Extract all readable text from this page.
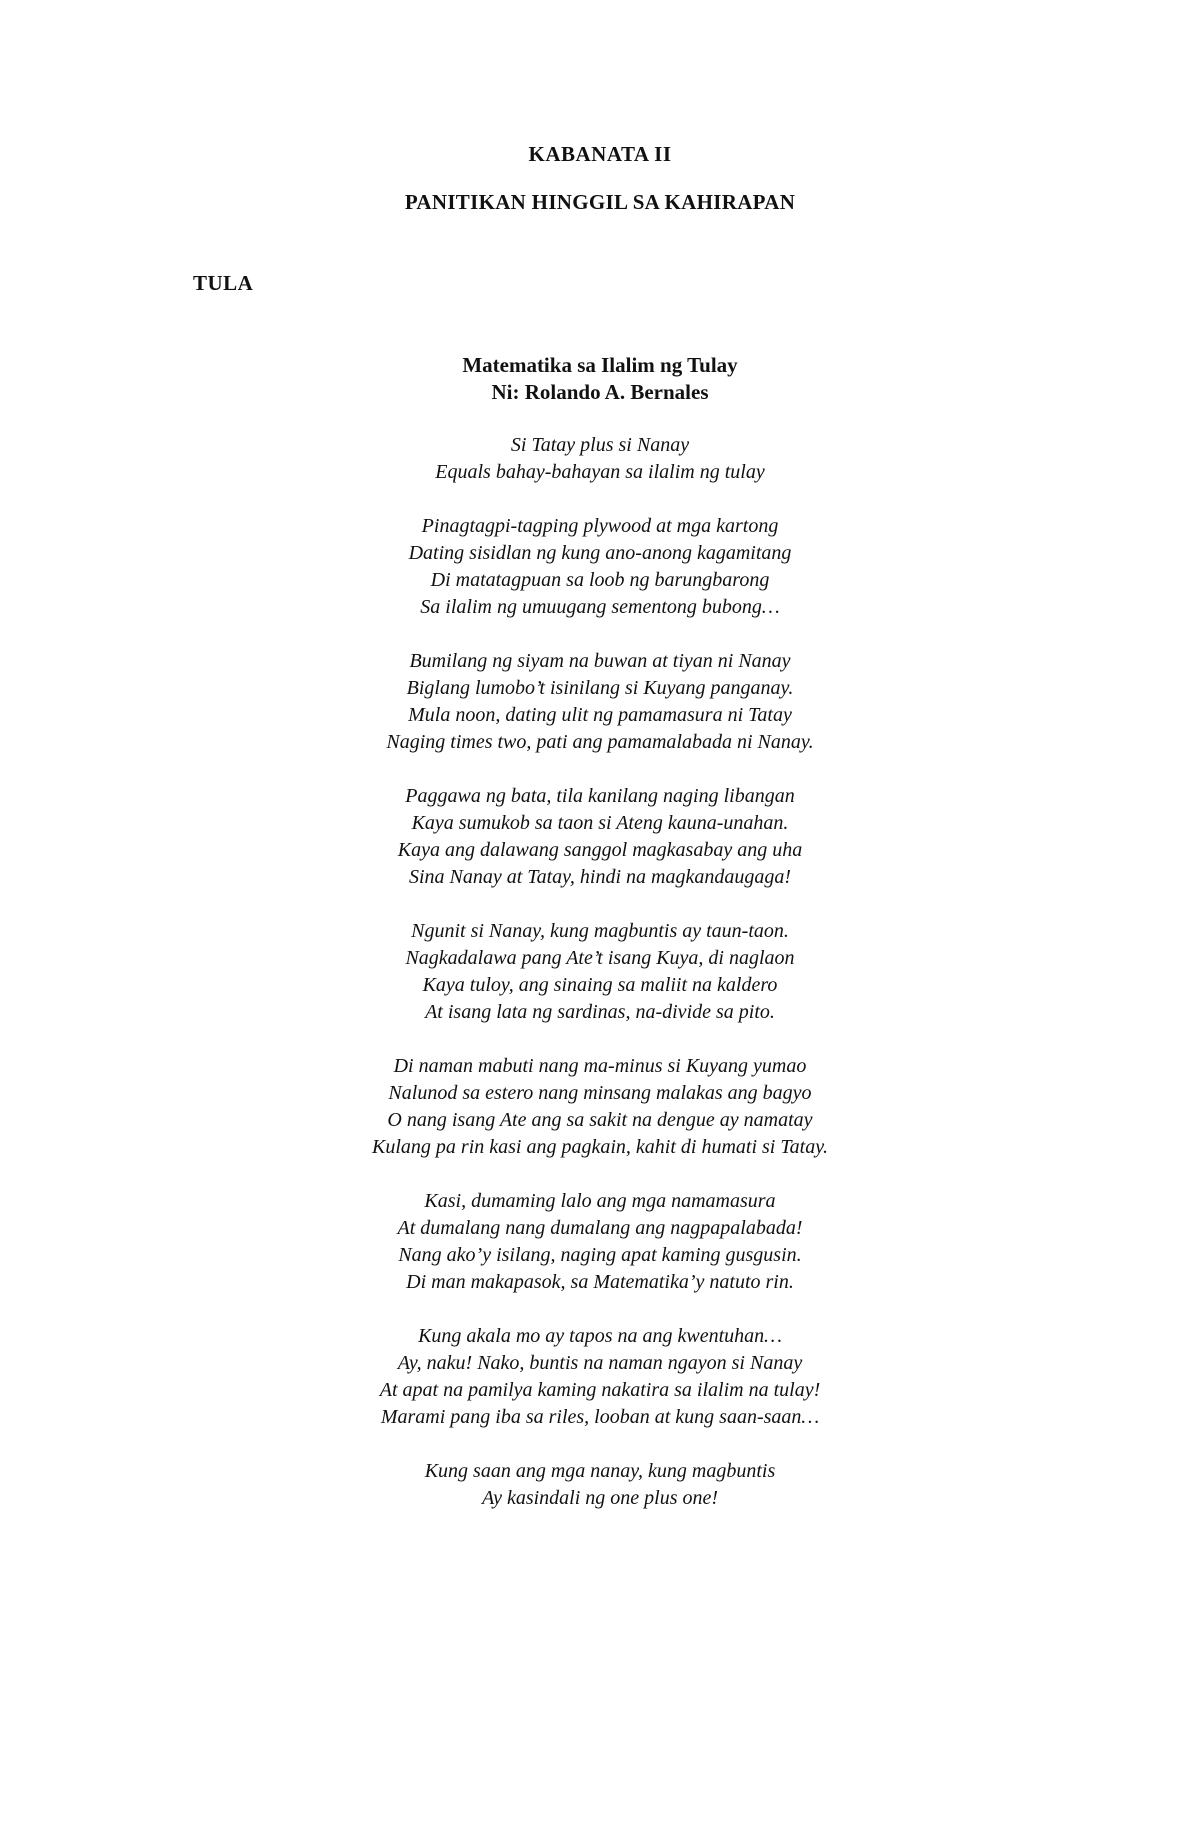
KABANATA II
PANITIKAN HINGGIL SA KAHIRAPAN
TULA
Matematika sa Ilalim ng Tulay
Ni: Rolando A. Bernales
Si Tatay plus si Nanay
Equals bahay-bahayan sa ilalim ng tulay
Pinagtagpi-tagping plywood at mga kartong
Dating sisidlan ng kung ano-anong kagamitang
Di matatagpuan sa loob ng barungbarong
Sa ilalim ng umuugang sementong bubong…
Bumilang ng siyam na buwan at tiyan ni Nanay
Biglang lumobo’t isinilang si Kuyang panganay.
Mula noon, dating ulit ng pamamasura ni Tatay
Naging times two, pati ang pamamalabada ni Nanay.
Paggawa ng bata, tila kanilang naging libangan
Kaya sumukob sa taon si Ateng kauna-unahan.
Kaya ang dalawang sanggol magkasabay ang uha
Sina Nanay at Tatay, hindi na magkandaugaga!
Ngunit si Nanay, kung magbuntis ay taun-taon.
Nagkadalawa pang Ate’t isang Kuya, di naglaon
Kaya tuloy, ang sinaing sa maliit na kaldero
At isang lata ng sardinas, na-divide sa pito.
Di naman mabuti nang ma-minus si Kuyang yumao
Nalunod sa estero nang minsang malakas ang bagyo
O nang isang Ate ang sa sakit na dengue ay namatay
Kulang pa rin kasi ang pagkain, kahit di humati si Tatay.
Kasi, dumaming lalo ang mga namamasura
At dumalang nang dumalang ang nagpapalabada!
Nang ako’y isilang, naging apat kaming gusgusin.
Di man makapasok, sa Matematika’y natuto rin.
Kung akala mo ay tapos na ang kwentuhan…
Ay, naku! Nako, buntis na naman ngayon si Nanay
At apat na pamilya kaming nakatira sa ilalim na tulay!
Marami pang iba sa riles, looban at kung saan-saan…
Kung saan ang mga nanay, kung magbuntis
Ay kasindali ng one plus one!
